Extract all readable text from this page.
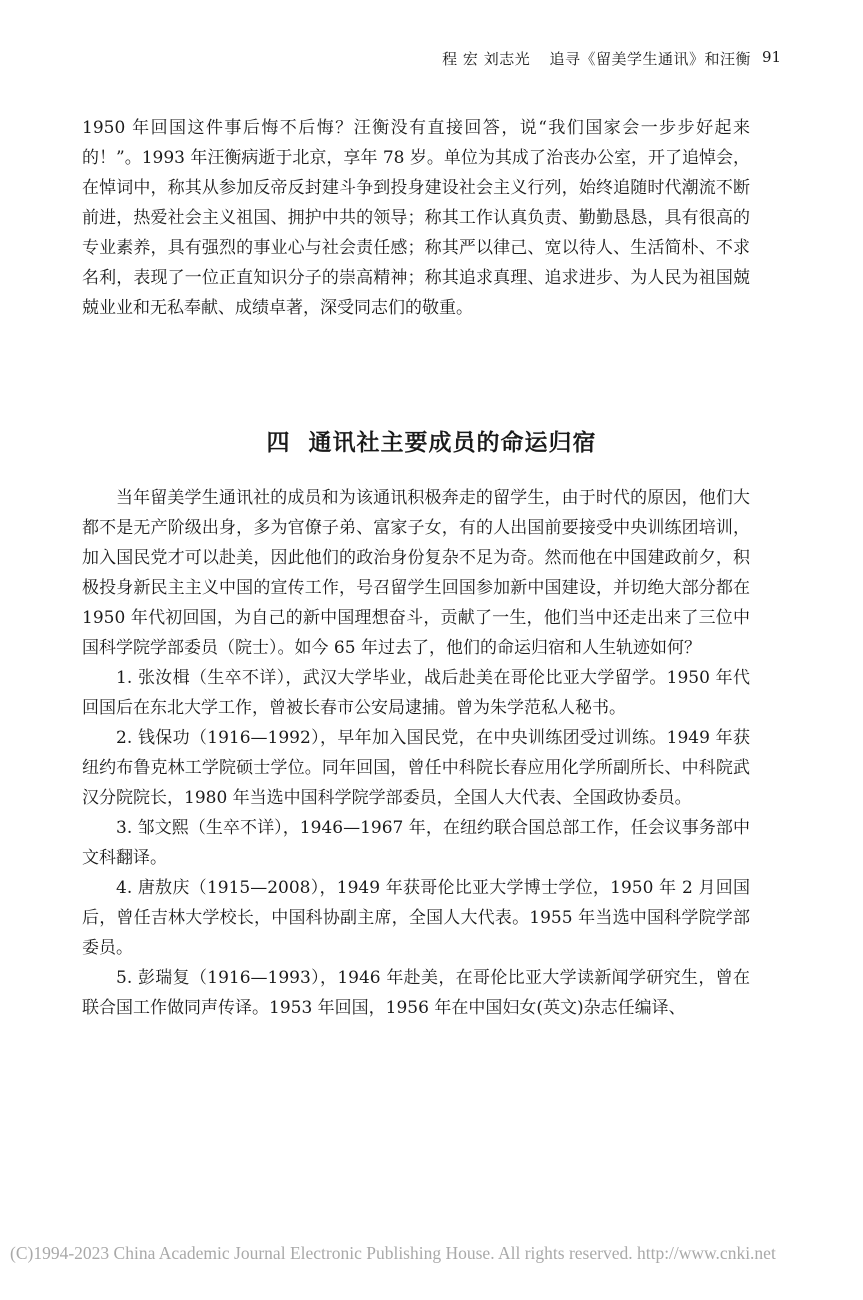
程 宏 刘志光 追寻《留美学生通讯》和汪衡 91

1950 年回国这件事后悔不后悔？汪衡没有直接回答，说“我们国家会一步步好起来的！”。1993 年汪衡病逝于北京，享年 78 岁。单位为其成了治丧办公室，开了追悼会，在悼词中，称其从参加反帝反封建斗争到投身建设社会主义行列，始终追随时代潮流不断前进，热爱社会主义祖国、拥护中共的领导；称其工作认真负责、勤勤恳恳，具有很高的专业素养，具有强烈的事业心与社会责任感；称其严以律己、宽以待人、生活简朴、不求名利，表现了一位正直知识分子的崇高精神；称其追求真理、追求进步、为人民为祖国兢兢业业和无私奉献、成绩卓著，深受同志们的敬重。

四 通讯社主要成员的命运归宿

当年留美学生通讯社的成员和为该通讯积极奔走的留学生，由于时代的原因，他们大都不是无产阶级出身，多为官僚子弟、富家子女，有的人出国前要接受中央训练团培训，加入国民党才可以赴美，因此他们的政治身份复杂不足为奇。然而他在中国建政前夕，积极投身新民主主义中国的宣传工作，号召留学生回国参加新中国建设，并切绝大部分都在 1950 年代初回国，为自己的新中国理想奋斗，贡献了一生，他们当中还走出来了三位中国科学院学部委员（院士）。如今 65 年过去了，他们的命运归宿和人生轨迹如何？

1. 张汝楫（生卒不详），武汉大学毕业，战后赴美在哥伦比亚大学留学。1950 年代回国后在东北大学工作，曾被长春市公安局逮捕。曾为朱学范私人秘书。

2. 钱保功（1916—1992），早年加入国民党，在中央训练团受过训练。1949 年获纽约布鲁克林工学院硕士学位。同年回国，曾任中科院长春应用化学所副所长、中科院武汉分院院长，1980 年当选中国科学院学部委员，全国人大代表、全国政协委员。

3. 邹文熙（生卒不详），1946—1967 年，在纽约联合国总部工作，任会议事务部中文科翻译。

4. 唐敖庆（1915—2008），1949 年获哥伦比亚大学博士学位，1950 年 2 月回国后，曾任吉林大学校长，中国科协副主席，全国人大代表。1955 年当选中国科学院学部委员。

5. 彭瑞复（1916—1993），1946 年赴美，在哥伦比亚大学读新闻学研究生，曾在联合国工作做同声传译。1953 年回国，1956 年在中国妇女(英文)杂志任编译、

(C)1994-2023 China Academic Journal Electronic Publishing House. All rights reserved. http://www.cnki.net
